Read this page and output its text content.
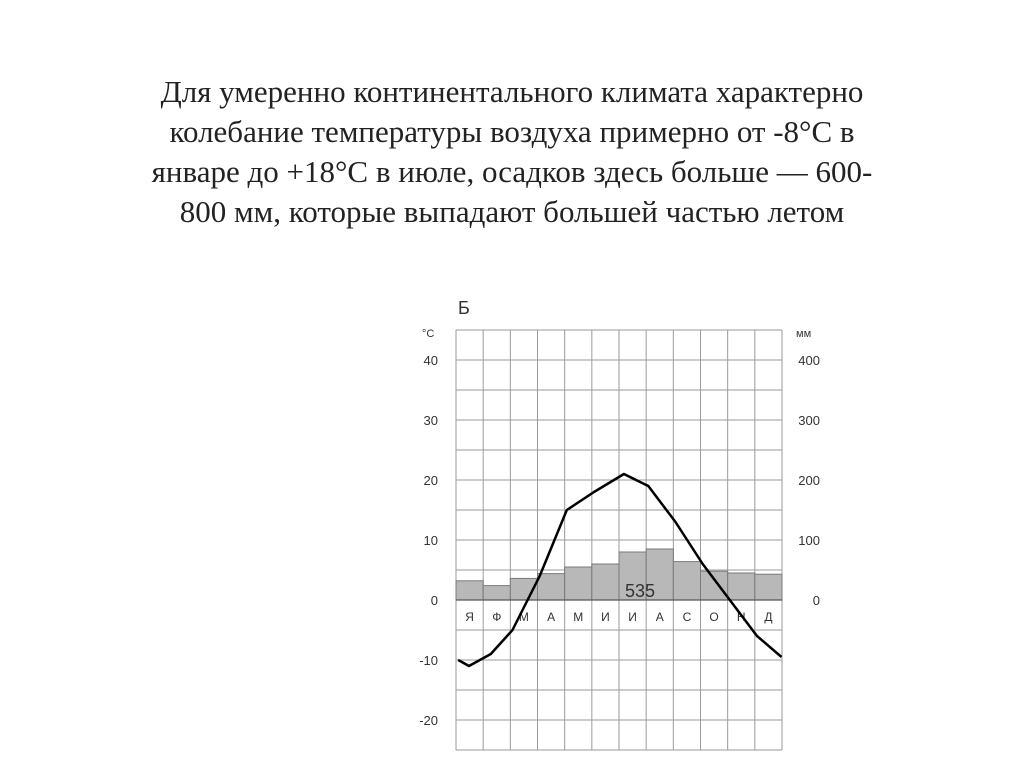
Для умеренно континентального климата характерно
колебание температуры воздуха примерно от -8°С в
январе до +18°С в июле, осадков здесь больше — 600-
800 мм, которые выпадают большей частью летом
40
30
20
10
0
-10
-20
400
300
200
100
0
Я Ф М А М И И А С О Н Д
Б
°С	мм
535
